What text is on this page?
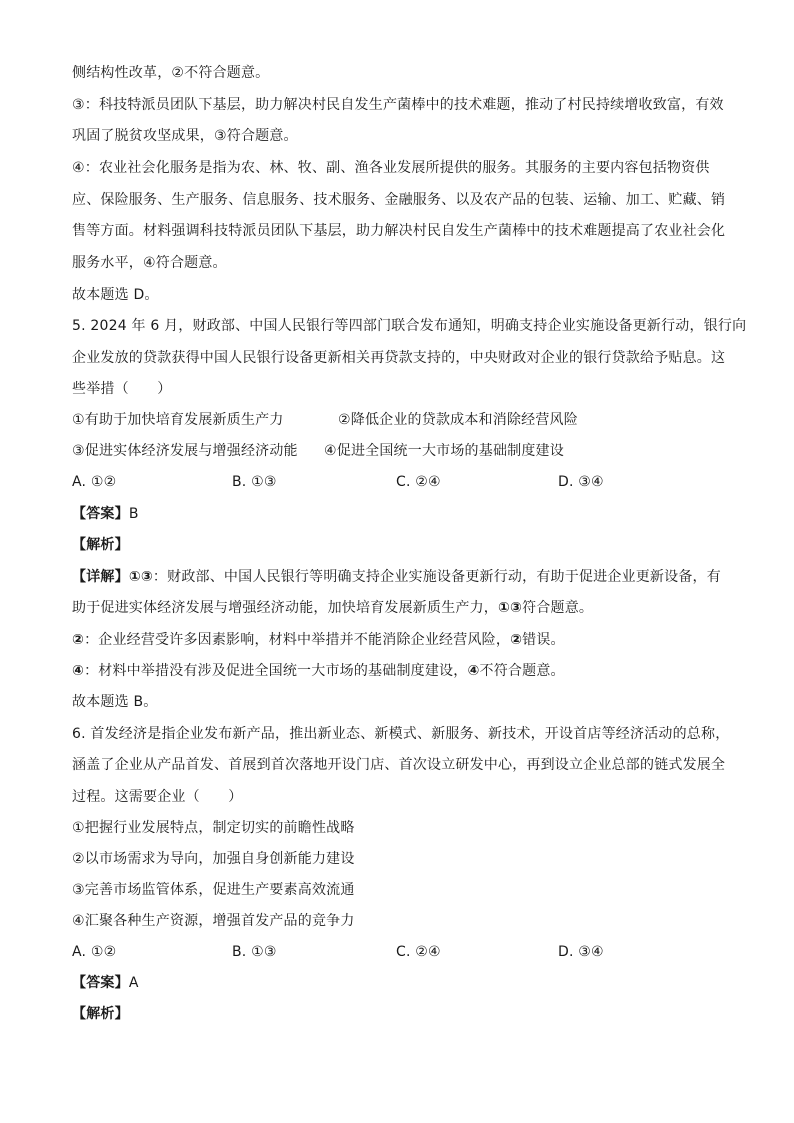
侧结构性改革，②不符合题意。
③：科技特派员团队下基层，助力解决村民自发生产菌棒中的技术难题，推动了村民持续增收致富，有效
巩固了脱贫攻坚成果，③符合题意。
④：农业社会化服务是指为农、林、牧、副、渔各业发展所提供的服务。其服务的主要内容包括物资供
应、保险服务、生产服务、信息服务、技术服务、金融服务、以及农产品的包装、运输、加工、贮藏、销
售等方面。材料强调科技特派员团队下基层，助力解决村民自发生产菌棒中的技术难题提高了农业社会化
服务水平，④符合题意。
故本题选 D。
5. 2024 年 6 月，财政部、中国人民银行等四部门联合发布通知，明确支持企业实施设备更新行动，银行向
企业发放的贷款获得中国人民银行设备更新相关再贷款支持的，中央财政对企业的银行贷款给予贴息。这
些举措（　　）
①有助于加快培育发展新质生产力	②降低企业的贷款成本和消除经营风险
③促进实体经济发展与增强经济动能 ④促进全国统一大市场的基础制度建设
A. ①②	B. ①③	C. ②④	D. ③④
【答案】B
【解析】
【详解】①③：财政部、中国人民银行等明确支持企业实施设备更新行动，有助于促进企业更新设备，有
助于促进实体经济发展与增强经济动能，加快培育发展新质生产力，①③符合题意。
②：企业经营受许多因素影响，材料中举措并不能消除企业经营风险，②错误。
④：材料中举措没有涉及促进全国统一大市场的基础制度建设，④不符合题意。
故本题选 B。
6. 首发经济是指企业发布新产品，推出新业态、新模式、新服务、新技术，开设首店等经济活动的总称，
涵盖了企业从产品首发、首展到首次落地开设门店、首次设立研发中心，再到设立企业总部的链式发展全
过程。这需要企业（　　）
①把握行业发展特点，制定切实的前瞻性战略
②以市场需求为导向，加强自身创新能力建设
③完善市场监管体系，促进生产要素高效流通
④汇聚各种生产资源，增强首发产品的竞争力
A. ①②	B. ①③	C. ②④	D. ③④
【答案】A
【解析】
